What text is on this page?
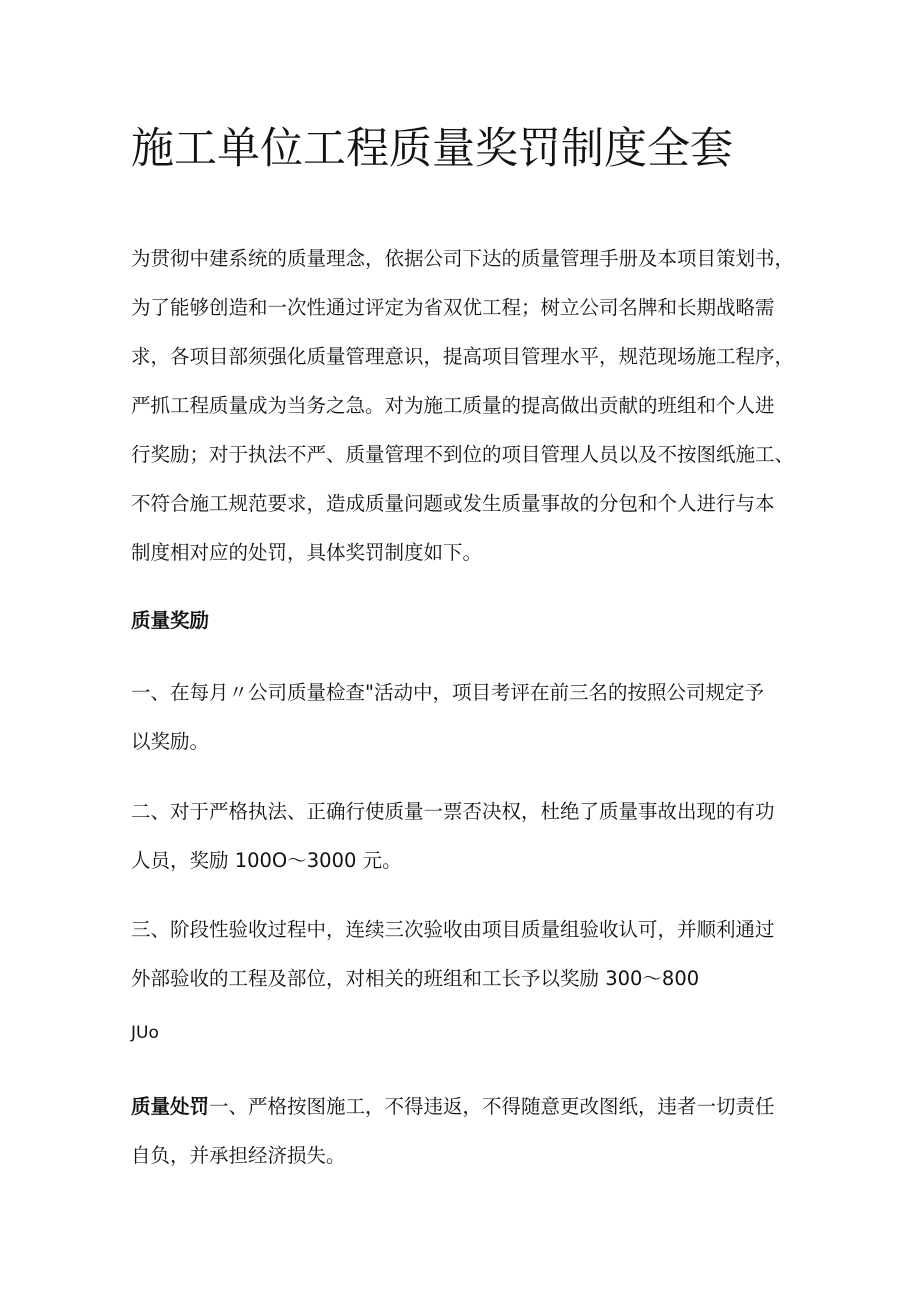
施工单位工程质量奖罚制度全套
为贯彻中建系统的质量理念，依据公司下达的质量管理手册及本项目策划书，
为了能够创造和一次性通过评定为省双优工程；树立公司名牌和长期战略需
求，各项目部须强化质量管理意识，提高项目管理水平，规范现场施工程序，
严抓工程质量成为当务之急。对为施工质量的提高做出贡献的班组和个人进
行奖励；对于执法不严、质量管理不到位的项目管理人员以及不按图纸施工、
不符合施工规范要求，造成质量问题或发生质量事故的分包和个人进行与本
制度相对应的处罚，具体奖罚制度如下。
质量奖励
一、在每月〃公司质量检查"活动中，项目考评在前三名的按照公司规定予
以奖励。
二、对于严格执法、正确行使质量一票否决权，杜绝了质量事故出现的有功
人员，奖励 100O～3000 元。
三、阶段性验收过程中，连续三次验收由项目质量组验收认可，并顺利通过
外部验收的工程及部位，对相关的班组和工长予以奖励 300～800

JUo

质量处罚一、严格按图施工，不得违返，不得随意更改图纸，违者一切责任
自负，并承担经济损失。
